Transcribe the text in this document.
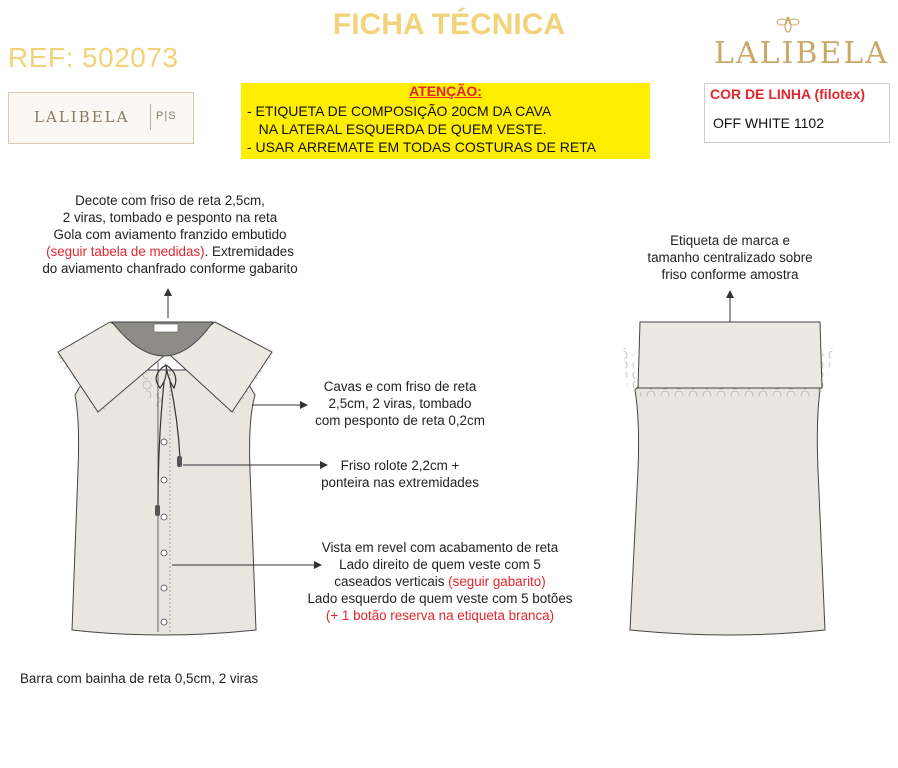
FICHA TÉCNICA
REF: 502073	LALIBELA
LALIBELA P|S
ATENÇÃO:
- ETIQUETA DE COMPOSIÇÃO 20CM DA CAVA
NA LATERAL ESQUERDA DE QUEM VESTE.
- USAR ARREMATE EM TODAS COSTURAS DE RETA
COR DE LINHA (filotex)
OFF WHITE 1102
Decote com friso de reta 2,5cm,
2 viras, tombado e pesponto na reta
Gola com aviamento franzido embutido
(seguir tabela de medidas). Extremidades
do aviamento chanfrado conforme gabarito
Etiqueta de marca e
tamanho centralizado sobre
friso conforme amostra
Cavas e com friso de reta
2,5cm, 2 viras, tombado
com pesponto de reta 0,2cm
Friso rolote 2,2cm +
ponteira nas extremidades
Vista em revel com acabamento de reta
Lado direito de quem veste com 5
caseados verticais (seguir gabarito)
Lado esquerdo de quem veste com 5 botões
(+ 1 botão reserva na etiqueta branca)
Barra com bainha de reta 0,5cm, 2 viras
